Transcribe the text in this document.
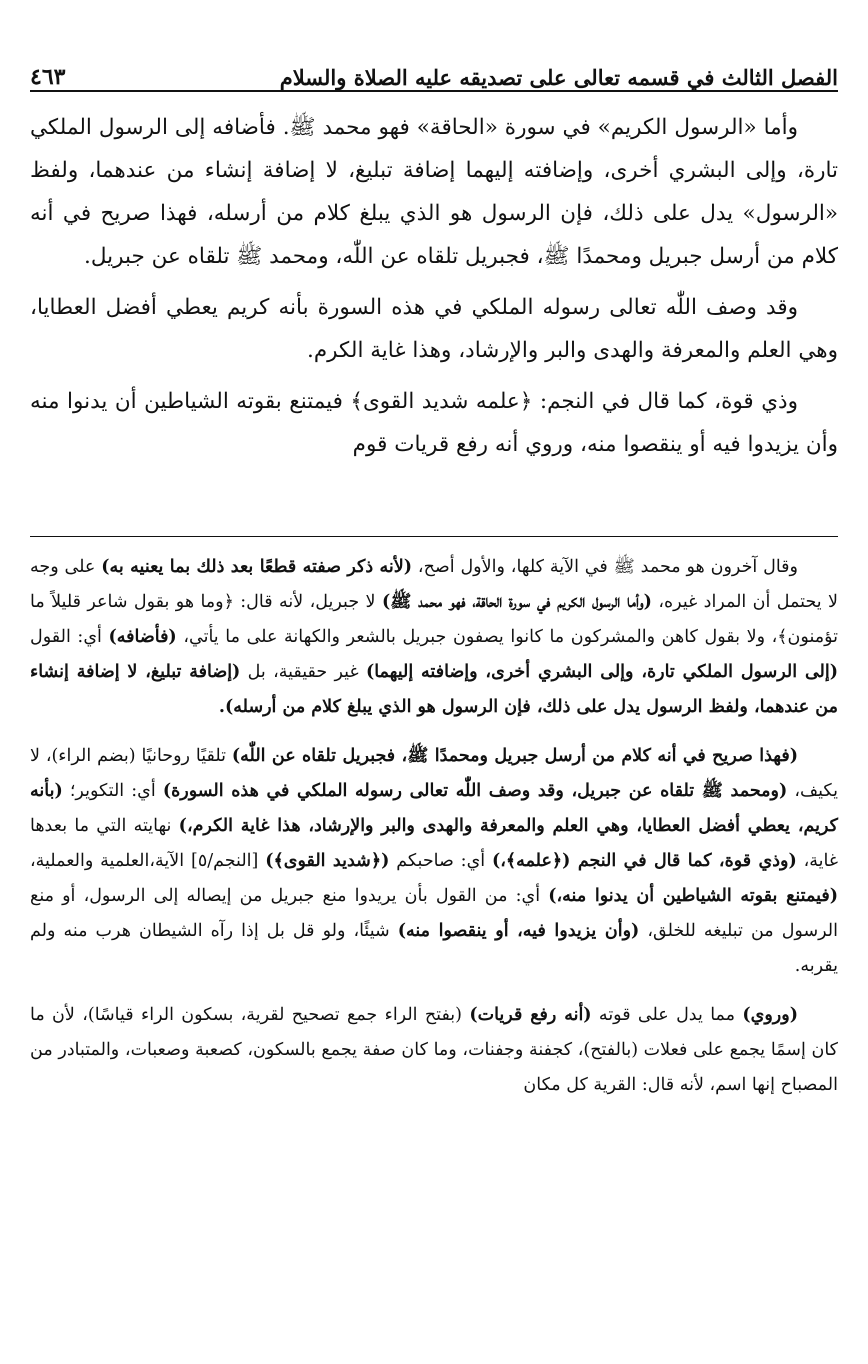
الفصل الثالث في قسمه تعالى على تصديقه عليه الصلاة والسلام
٤٦٣

وأما «الرسول الكريم» في سورة «الحاقة» فهو محمد ﷺ. فأضافه إلى الرسول الملكي تارة، وإلى البشري أخرى، وإضافته إليهما إضافة تبليغ، لا إضافة إنشاء من عندهما، ولفظ «الرسول» يدل على ذلك، فإن الرسول هو الذي يبلغ كلام من أرسله، فهذا صريح في أنه كلام من أرسل جبريل ومحمدًا ﷺ، فجبريل تلقاه عن اللّٰه، ومحمد ﷺ تلقاه عن جبريل.

وقد وصف اللّٰه تعالى رسوله الملكي في هذه السورة بأنه كريم يعطي أفضل العطايا، وهي العلم والمعرفة والهدى والبر والإرشاد، وهذا غاية الكرم.

وذي قوة، كما قال في النجم: ﴿علمه شديد القوى﴾ فيمتنع بقوته الشياطين أن يدنوا منه وأن يزيدوا فيه أو ينقصوا منه، وروي أنه رفع قريات قوم

وقال آخرون هو محمد ﷺ في الآية كلها، والأول أصح، (لأنه ذكر صفته قطعًا بعد ذلك بما يعنيه به) على وجه لا يحتمل أن المراد غيره، (وأما الرسول الكريم في سورة الحاقة، فهو محمد ﷺ) لا جبريل، لأنه قال: ﴿وما هو بقول شاعر قليلاً ما تؤمنون﴾، ولا بقول كاهن والمشركون ما كانوا يصفون جبريل بالشعر والكهانة على ما يأتي، (فأضافه) أي: القول (إلى الرسول الملكي تارة، وإلى البشري أخرى، وإضافته إليهما) غير حقيقية، بل (إضافة تبليغ، لا إضافة إنشاء من عندهما، ولفظ الرسول يدل على ذلك، فإن الرسول هو الذي يبلغ كلام من أرسله).

(فهذا صريح في أنه كلام من أرسل جبريل ومحمدًا ﷺ، فجبريل تلقاه عن اللّٰه) تلقيًا روحانيًا (بضم الراء)، لا يكيف، (ومحمد ﷺ تلقاه عن جبريل، وقد وصف اللّٰه تعالى رسوله الملكي في هذه السورة) أي: التكوير؛ (بأنه كريم، يعطي أفضل العطايا، وهي العلم والمعرفة والهدى والبر والإرشاد، هذا غاية الكرم،) نهايته التي ما بعدها غاية، (وذي قوة، كما قال في النجم (﴿علمه﴾،) أي: صاحبكم (﴿شديد القوى﴾) [النجم/٥] الآية،العلمية والعملية، (فيمتنع بقوته الشياطين أن يدنوا منه،) أي: من القول بأن يريدوا منع جبريل من إيصاله إلى الرسول، أو منع الرسول من تبليغه للخلق، (وأن يزيدوا فيه، أو ينقصوا منه) شيئًا، ولو قل بل إذا رآه الشيطان هرب منه ولم يقربه.

(وروي) مما يدل على قوته (أنه رفع قريات) (بفتح الراء جمع تصحيح لقرية، بسكون الراء قياسًا)، لأن ما كان إسمًا يجمع على فعلات (بالفتح)، كجفنة وجفنات، وما كان صفة يجمع بالسكون، كصعبة وصعبات، والمتبادر من المصباح إنها اسم، لأنه قال: القرية كل مكان
